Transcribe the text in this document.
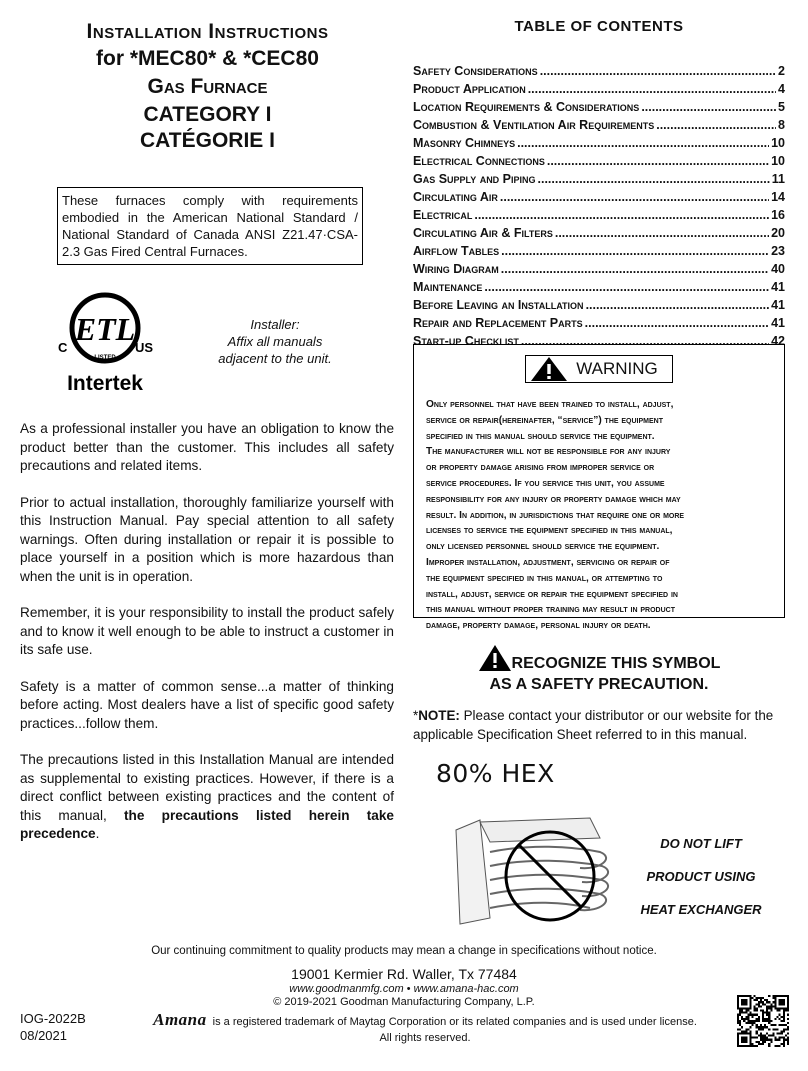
Installation Instructions
for *MEC80* & *CEC80
Gas Furnace
CATEGORY I
CATÉGORIE I
These furnaces comply with requirements embodied in the American National Standard / National Standard of Canada ANSI Z21.47·CSA-2.3 Gas Fired Central Furnaces.
ETL
LISTED
C	US
Intertek
Installer:
Affix all manuals
adjacent to the unit.

As a professional installer you have an obligation to know the product better than the customer. This includes all safety precautions and related items.

Prior to actual installation, thoroughly familiarize yourself with this Instruction Manual. Pay special attention to all safety warnings. Often during installation or repair it is possible to place yourself in a position which is more hazardous than when the unit is in operation.

Remember, it is your responsibility to install the product safely and to know it well enough to be able to instruct a customer in its safe use.

Safety is a matter of common sense...a matter of thinking before acting. Most dealers have a list of specific good safety practices...follow them.

The precautions listed in this Installation Manual are intended as supplemental to existing practices. However, if there is a direct conflict between existing practices and the content of this manual, the precautions listed herein take precedence.

TABLE OF CONTENTS
Safety Considerations .....	2
Product Application .....	4
Location Requirements & Considerations .....	5
Combustion & Ventilation Air Requirements .....	8
Masonry Chimneys .....	10
Electrical Connections .....	10
Gas Supply and Piping .....	11
Circulating Air .....	14
Electrical .....	16
Circulating Air & Filters .....	20
Airflow Tables .....	23
Wiring Diagram .....	40
Maintenance .....	41
Before Leaving an Installation .....	41
Repair and Replacement Parts .....	41
Start-up Checklist .....	42
WARNING
Only personnel that have been trained to install, adjust,
service or repair(hereinafter, “service”) the equipment
specified in this manual should service the equipment.
The manufacturer will not be responsible for any injury
or property damage arising from improper service or
service procedures. If you service this unit, you assume
responsibility for any injury or property damage which may
result. In addition, in jurisdictions that require one or more
licenses to service the equipment specified in this manual,
only licensed personnel should service the equipment.
Improper installation, adjustment, servicing or repair of
the equipment specified in this manual, or attempting to
install, adjust, service or repair the equipment specified in
this manual without proper training may result in product
damage, property damage, personal injury or death.
RECOGNIZE THIS SYMBOL
AS A SAFETY PRECAUTION.
*NOTE: Please contact your distributor or our website for the applicable Specification Sheet referred to in this manual.
80% HEX
DO NOT LIFT
PRODUCT USING
HEAT EXCHANGER
Our continuing commitment to quality products may mean a change in specifications without notice.
19001 Kermier Rd. Waller, Tx 77484
www.goodmanmfg.com • www.amana-hac.com
© 2019-2021 Goodman Manufacturing Company, L.P.
IOG-2022B
08/2021
Amana is a registered trademark of Maytag Corporation or its related companies and is used under license.
All rights reserved.
